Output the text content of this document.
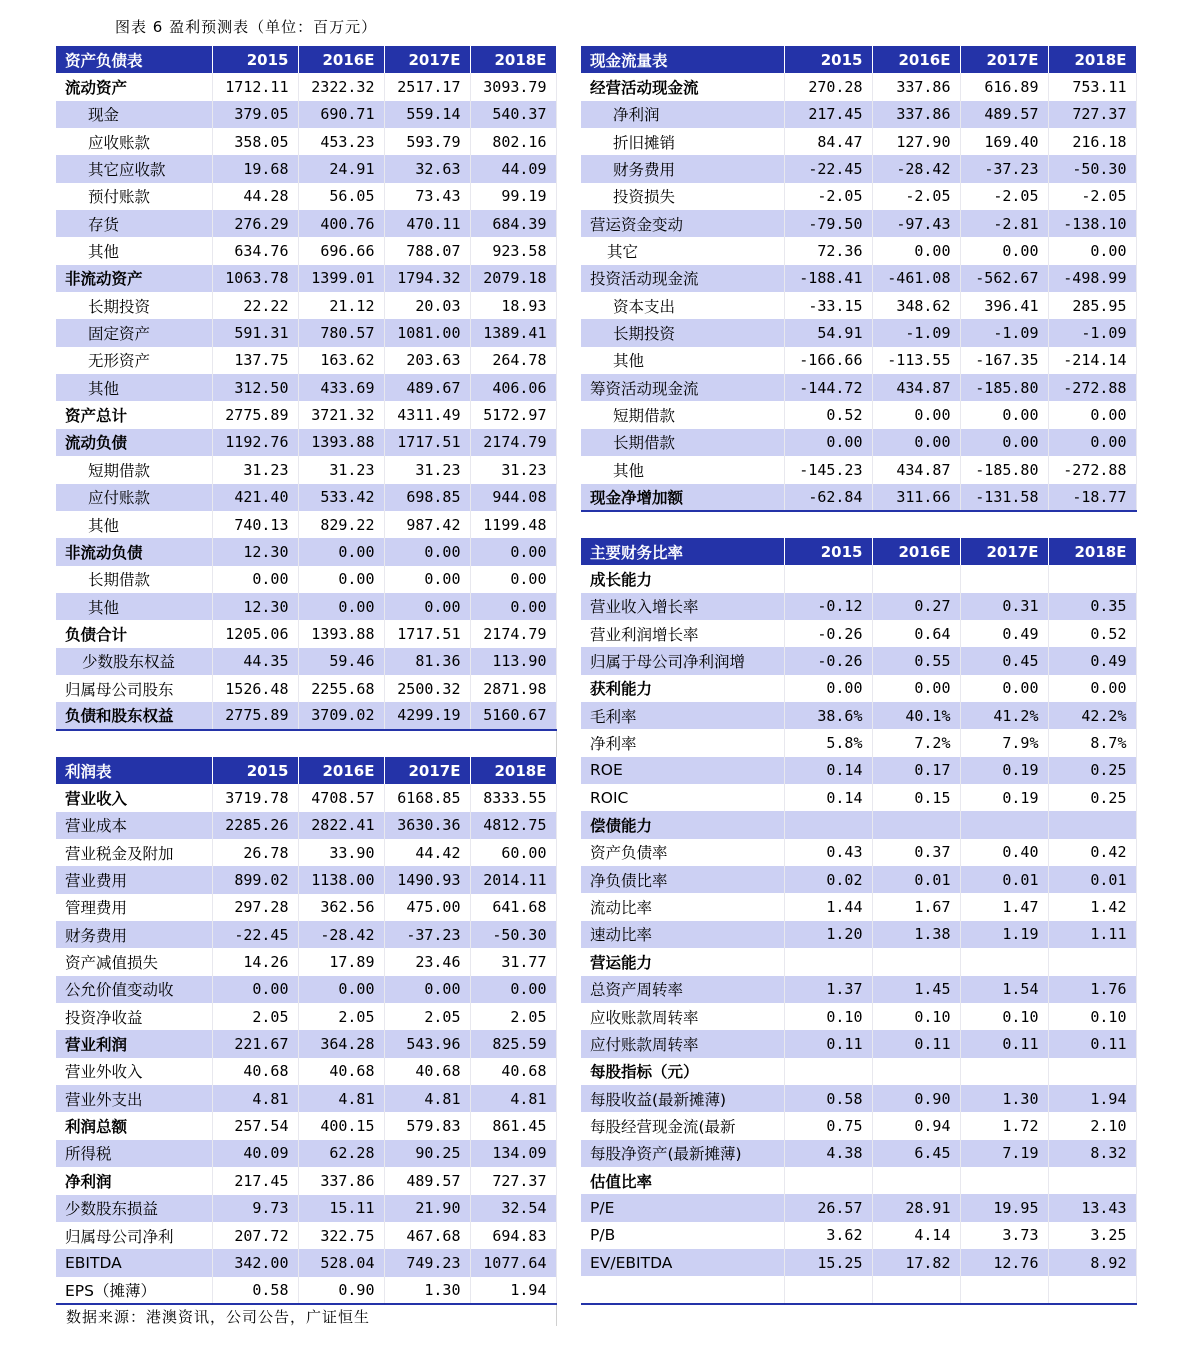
图表 6 盈利预测表（单位：百万元）
资产负债表	2015	2016E	2017E	2018E
流动资产	1712.11	2322.32	2517.17	3093.79
现金	379.05	690.71	559.14	540.37
应收账款	358.05	453.23	593.79	802.16
其它应收款	19.68	24.91	32.63	44.09
预付账款	44.28	56.05	73.43	99.19
存货	276.29	400.76	470.11	684.39
其他	634.76	696.66	788.07	923.58
非流动资产	1063.78	1399.01	1794.32	2079.18
长期投资	22.22	21.12	20.03	18.93
固定资产	591.31	780.57	1081.00	1389.41
无形资产	137.75	163.62	203.63	264.78
其他	312.50	433.69	489.67	406.06
资产总计	2775.89	3721.32	4311.49	5172.97
流动负债	1192.76	1393.88	1717.51	2174.79
短期借款	31.23	31.23	31.23	31.23
应付账款	421.40	533.42	698.85	944.08
其他	740.13	829.22	987.42	1199.48
非流动负债	12.30	0.00	0.00	0.00
长期借款	0.00	0.00	0.00	0.00
其他	12.30	0.00	0.00	0.00
负债合计	1205.06	1393.88	1717.51	2174.79
少数股东权益	44.35	59.46	81.36	113.90
归属母公司股东	1526.48	2255.68	2500.32	2871.98
负债和股东权益	2775.89	3709.02	4299.19	5160.67
利润表	2015	2016E	2017E	2018E
营业收入	3719.78	4708.57	6168.85	8333.55
营业成本	2285.26	2822.41	3630.36	4812.75
营业税金及附加	26.78	33.90	44.42	60.00
营业费用	899.02	1138.00	1490.93	2014.11
管理费用	297.28	362.56	475.00	641.68
财务费用	-22.45	-28.42	-37.23	-50.30
资产减值损失	14.26	17.89	23.46	31.77
公允价值变动收	0.00	0.00	0.00	0.00
投资净收益	2.05	2.05	2.05	2.05
营业利润	221.67	364.28	543.96	825.59
营业外收入	40.68	40.68	40.68	40.68
营业外支出	4.81	4.81	4.81	4.81
利润总额	257.54	400.15	579.83	861.45
所得税	40.09	62.28	90.25	134.09
净利润	217.45	337.86	489.57	727.37
少数股东损益	9.73	15.11	21.90	32.54
归属母公司净利	207.72	322.75	467.68	694.83
EBITDA	342.00	528.04	749.23	1077.64
EPS（摊薄）	0.58	0.90	1.30	1.94
现金流量表	2015	2016E	2017E	2018E
经营活动现金流	270.28	337.86	616.89	753.11
净利润	217.45	337.86	489.57	727.37
折旧摊销	84.47	127.90	169.40	216.18
财务费用	-22.45	-28.42	-37.23	-50.30
投资损失	-2.05	-2.05	-2.05	-2.05
营运资金变动	-79.50	-97.43	-2.81	-138.10
其它	72.36	0.00	0.00	0.00
投资活动现金流	-188.41	-461.08	-562.67	-498.99
资本支出	-33.15	348.62	396.41	285.95
长期投资	54.91	-1.09	-1.09	-1.09
其他	-166.66	-113.55	-167.35	-214.14
筹资活动现金流	-144.72	434.87	-185.80	-272.88
短期借款	0.52	0.00	0.00	0.00
长期借款	0.00	0.00	0.00	0.00
其他	-145.23	434.87	-185.80	-272.88
现金净增加额	-62.84	311.66	-131.58	-18.77
主要财务比率	2015	2016E	2017E	2018E
成长能力				
营业收入增长率	-0.12	0.27	0.31	0.35
营业利润增长率	-0.26	0.64	0.49	0.52
归属于母公司净利润增	-0.26	0.55	0.45	0.49
获利能力	0.00	0.00	0.00	0.00
毛利率	38.6%	40.1%	41.2%	42.2%
净利率	5.8%	7.2%	7.9%	8.7%
ROE	0.14	0.17	0.19	0.25
ROIC	0.14	0.15	0.19	0.25
偿债能力				
资产负债率	0.43	0.37	0.40	0.42
净负债比率	0.02	0.01	0.01	0.01
流动比率	1.44	1.67	1.47	1.42
速动比率	1.20	1.38	1.19	1.11
营运能力				
总资产周转率	1.37	1.45	1.54	1.76
应收账款周转率	0.10	0.10	0.10	0.10
应付账款周转率	0.11	0.11	0.11	0.11
每股指标（元）				
每股收益(最新摊薄)	0.58	0.90	1.30	1.94
每股经营现金流(最新	0.75	0.94	1.72	2.10
每股净资产(最新摊薄)	4.38	6.45	7.19	8.32
估值比率				
P/E	26.57	28.91	19.95	13.43
P/B	3.62	4.14	3.73	3.25
EV/EBITDA	15.25	17.82	12.76	8.92

数据来源：港澳资讯，公司公告，广证恒生
